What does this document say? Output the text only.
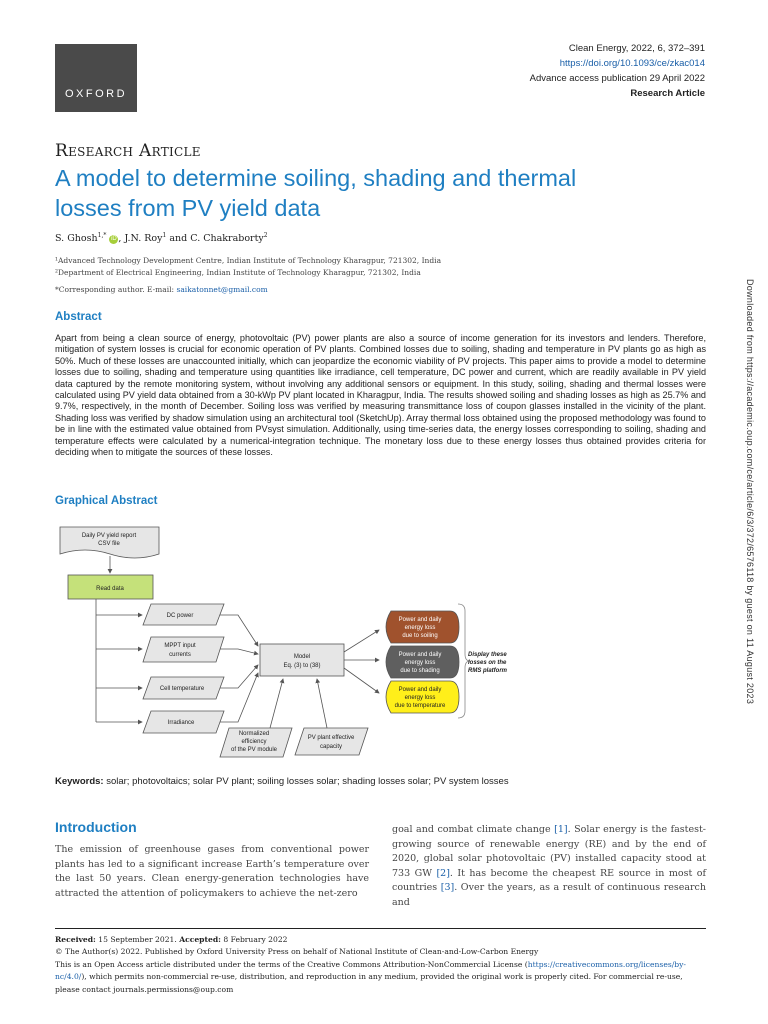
OXFORD
Clean Energy, 2022, 6, 372–391
https://doi.org/10.1093/ce/zkac014
Advance access publication 29 April 2022
Research Article
Research Article
A model to determine soiling, shading and thermal
losses from PV yield data
S. Ghosh$^{1,*}$ iD , J.N. Roy$^1$ and C. Chakraborty$^2$
¹Advanced Technology Development Centre, Indian Institute of Technology Kharagpur, 721302, India
²Department of Electrical Engineering, Indian Institute of Technology Kharagpur, 721302, India
*Corresponding author. E-mail: saikatonnet@gmail.com
Abstract
Apart from being a clean source of energy, photovoltaic (PV) power plants are also a source of income generation for its investors and lenders. Therefore, mitigation of system losses is crucial for economic operation of PV plants. Combined losses due to soiling, shading and temperature in PV plants go as high as 50%. Much of these losses are unaccounted initially, which can jeopardize the economic viability of PV projects. This paper aims to provide a model to determine losses due to soiling, shading and temperature using quantities like irradiance, cell temperature, DC power and current, which are readily available in PV yield data captured by the remote monitoring system, without involving any additional sensors or equipment. In this study, soiling, shading and thermal losses were calculated using PV yield data obtained from a 30-kWp PV plant located in Kharagpur, India. The results showed soiling and shading losses as high as 25.7% and 9.7%, respectively, in the month of December. Soiling loss was verified by measuring transmittance loss of coupon glasses installed in the vicinity of the plant. Shading loss was verified by shadow simulation using an architectural tool (SketchUp). Array thermal loss obtained using the proposed methodology was found to be in line with the estimated value obtained from PVsyst simulation. Additionally, using time-series data, the energy losses corresponding to soiling, shading and temperature effects were calculated by a numerical-integration technique. The monetary loss due to these energy losses thus obtained provides criteria for deciding when to mitigate the sources of these losses.
Graphical Abstract
Daily PV yield report
CSV file
Read data
DC power
MPPT input
currents
Cell temperature
Irradiance
Model
Eq. (3) to (38)
Normalized
efficiency
of the PV module
PV plant effective
capacity
Power and daily
energy loss
due to soiling
Power and daily
energy loss
due to shading
Power and daily
energy loss
due to temperature
Display these
losses on the
RMS platform
Keywords: solar; photovoltaics; solar PV plant; soiling losses solar; shading losses solar; PV system losses
Introduction
The emission of greenhouse gases from conventional power plants has led to a significant increase Earth’s temperature over the last 50 years. Clean energy-generation technologies have attracted the attention of policymakers to achieve the net-zero
goal and combat climate change [1]. Solar energy is the fastest-growing source of renewable energy (RE) and by the end of 2020, global solar photovoltaic (PV) installed capacity stood at 733 GW [2]. It has become the cheapest RE source in most of countries [3]. Over the years, as a result of continuous research and
Received: 15 September 2021. Accepted: 8 February 2022
© The Author(s) 2022. Published by Oxford University Press on behalf of National Institute of Clean-and-Low-Carbon Energy
This is an Open Access article distributed under the terms of the Creative Commons Attribution-NonCommercial License (https://creativecommons.org/licenses/by-nc/4.0/), which permits non-commercial re-use, distribution, and reproduction in any medium, provided the original work is properly cited. For commercial re-use, please contact journals.permissions@oup.com
Downloaded from https://academic.oup.com/ce/article/6/3/372/6576118 by guest on 11 August 2023
